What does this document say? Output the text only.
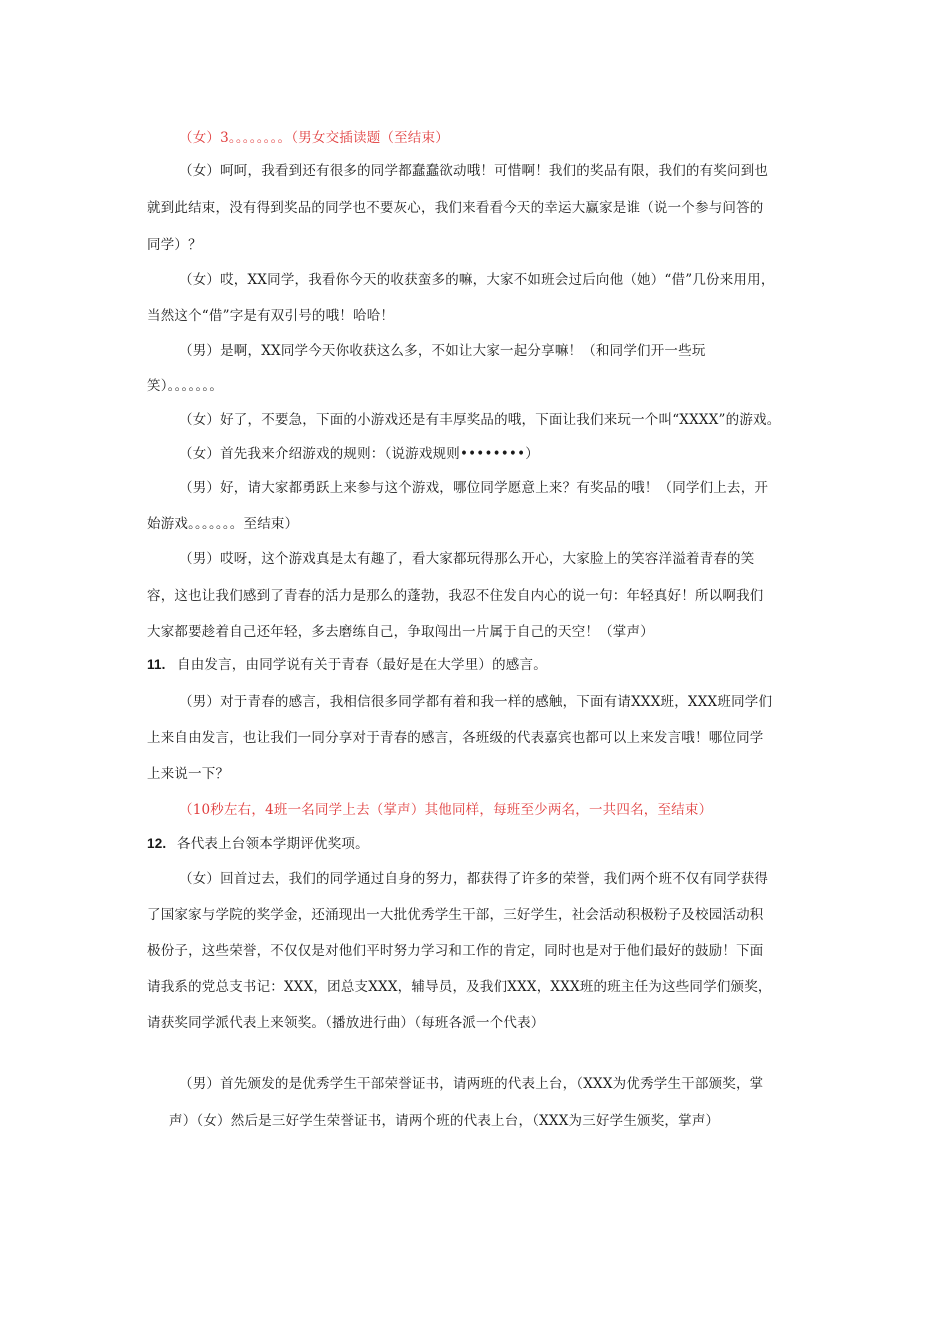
（女）3。。。。。。。。（男女交插读题（至结束）
（女）呵呵，我看到还有很多的同学都蠢蠢欲动哦！可惜啊！我们的奖品有限，我们的有奖问到也
就到此结束，没有得到奖品的同学也不要灰心，我们来看看今天的幸运大赢家是谁（说一个参与问答的
同学）？
（女）哎，XX同学，我看你今天的收获蛮多的嘛，大家不如班会过后向他（她）“借”几份来用用，
当然这个“借”字是有双引号的哦！哈哈！
（男）是啊，XX同学今天你收获这么多，不如让大家一起分享嘛！（和同学们开一些玩
笑）。。。。。。。
（女）好了，不要急，下面的小游戏还是有丰厚奖品的哦，下面让我们来玩一个叫“XXXX”的游戏。
（女）首先我来介绍游戏的规则：（说游戏规则••••••••）
（男）好，请大家都勇跃上来参与这个游戏，哪位同学愿意上来？有奖品的哦！（同学们上去，开
始游戏。。。。。。。至结束）
（男）哎呀，这个游戏真是太有趣了，看大家都玩得那么开心，大家脸上的笑容洋溢着青春的笑
容，这也让我们感到了青春的活力是那么的蓬勃，我忍不住发自内心的说一句：年轻真好！所以啊我们
大家都要趁着自己还年轻，多去磨练自己，争取闯出一片属于自己的天空！（掌声）
11. 自由发言，由同学说有关于青春（最好是在大学里）的感言。
（男）对于青春的感言，我相信很多同学都有着和我一样的感触，下面有请XXX班，XXX班同学们
上来自由发言，也让我们一同分享对于青春的感言，各班级的代表嘉宾也都可以上来发言哦！哪位同学
上来说一下？
（10秒左右，4班一名同学上去（掌声）其他同样，每班至少两名，一共四名，至结束）
12. 各代表上台领本学期评优奖项。
（女）回首过去，我们的同学通过自身的努力，都获得了许多的荣誉，我们两个班不仅有同学获得
了国家家与学院的奖学金，还涌现出一大批优秀学生干部，三好学生，社会活动积极粉子及校园活动积
极份子，这些荣誉，不仅仅是对他们平时努力学习和工作的肯定，同时也是对于他们最好的鼓励！下面
请我系的党总支书记：XXX，团总支XXX，辅导员，及我们XXX，XXX班的班主任为这些同学们颁奖，
请获奖同学派代表上来领奖。（播放进行曲）（每班各派一个代表）
（男）首先颁发的是优秀学生干部荣誉证书，请两班的代表上台，（XXX为优秀学生干部颁奖，掌
声）（女）然后是三好学生荣誉证书，请两个班的代表上台，（XXX为三好学生颁奖，掌声）
